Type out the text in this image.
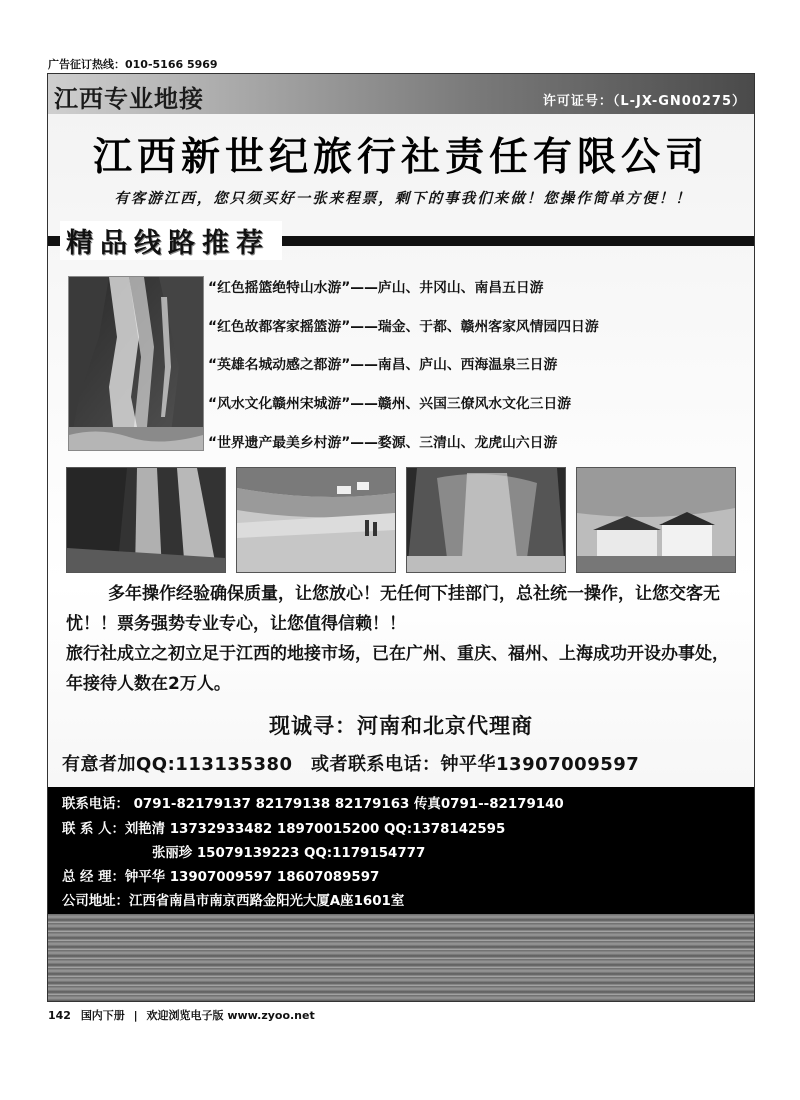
广告征订热线：010-5166 5969
江西专业地接	许可证号：（L-JX-GN00275）
江西新世纪旅行社责任有限公司
有客游江西，您只须买好一张来程票，剩下的事我们来做！您操作简单方便！！
精品线路推荐
“红色摇篮绝特山水游”——庐山、井冈山、南昌五日游
“红色故都客家摇篮游”——瑞金、于都、赣州客家风情园四日游
“英雄名城动感之都游”——南昌、庐山、西海温泉三日游
“风水文化赣州宋城游”——赣州、兴国三僚风水文化三日游
“世界遗产最美乡村游”——婺源、三清山、龙虎山六日游

多年操作经验确保质量，让您放心！无任何下挂部门，总社统一操作，让您交客无忧！！票务强势专业专心，让您值得信赖！！

旅行社成立之初立足于江西的地接市场，已在广州、重庆、福州、上海成功开设办事处，年接待人数在2万人。

现诚寻：河南和北京代理商
有意者加QQ:113135380　或者联系电话：钟平华13907009597
联系电话： 0791-82179137 82179138 82179163 传真0791--82179140
联 系 人：刘艳清 13732933482 18970015200 QQ:1378142595
张丽珍 15079139223 QQ:1179154777
总 经 理：钟平华 13907009597 18607089597
公司地址：江西省南昌市南京西路金阳光大厦A座1601室
142 国内下册 | 欢迎浏览电子版 www.zyoo.net
